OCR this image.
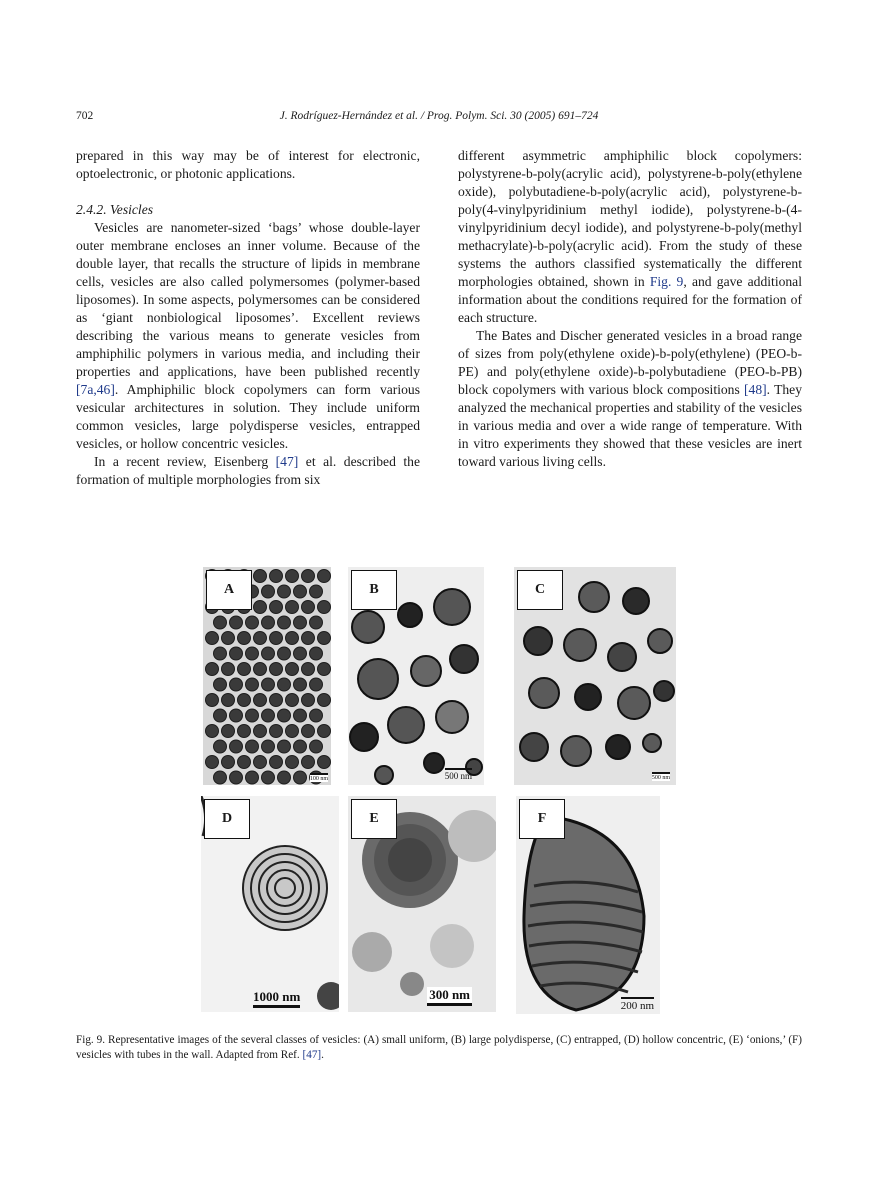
702	J. Rodríguez-Hernández et al. / Prog. Polym. Sci. 30 (2005) 691–724

prepared in this way may be of interest for electronic, optoelectronic, or photonic applications.

2.4.2. Vesicles

Vesicles are nanometer-sized ‘bags’ whose double-layer outer membrane encloses an inner volume. Because of the double layer, that recalls the structure of lipids in membrane cells, vesicles are also called polymersomes (polymer-based liposomes). In some aspects, polymersomes can be considered as ‘giant nonbiological liposomes’. Excellent reviews describing the various means to generate vesicles from amphiphilic polymers in various media, and including their properties and applications, have been published recently [7a,46]. Amphiphilic block copolymers can form various vesicular architectures in solution. They include uniform common vesicles, large polydisperse vesicles, entrapped vesicles, or hollow concentric vesicles.

In a recent review, Eisenberg [47] et al. described the formation of multiple morphologies from six

different asymmetric amphiphilic block copolymers: polystyrene-b-poly(acrylic acid), polystyrene-b-poly(ethylene oxide), polybutadiene-b-poly(acrylic acid), polystyrene-b-poly(4-vinylpyridinium methyl iodide), polystyrene-b-(4-vinylpyridinium decyl iodide), and polystyrene-b-poly(methyl methacrylate)-b-poly(acrylic acid). From the study of these systems the authors classified systematically the different morphologies obtained, shown in Fig. 9, and gave additional information about the conditions required for the formation of each structure.

The Bates and Discher generated vesicles in a broad range of sizes from poly(ethylene oxide)-b-poly(ethylene) (PEO-b-PE) and poly(ethylene oxide)-b-polybutadiene (PEO-b-PB) block copolymers with various block compositions [48]. They analyzed the mechanical properties and stability of the vesicles in various media and over a wide range of temperature. With in vitro experiments they showed that these vesicles are inert toward various living cells.

A
100 nm
B
500 nm
C
500 nm
D
1000 nm
E
300 nm
F
200 nm

Fig. 9. Representative images of the several classes of vesicles: (A) small uniform, (B) large polydisperse, (C) entrapped, (D) hollow concentric, (E) ‘onions,’ (F) vesicles with tubes in the wall. Adapted from Ref. [47].
